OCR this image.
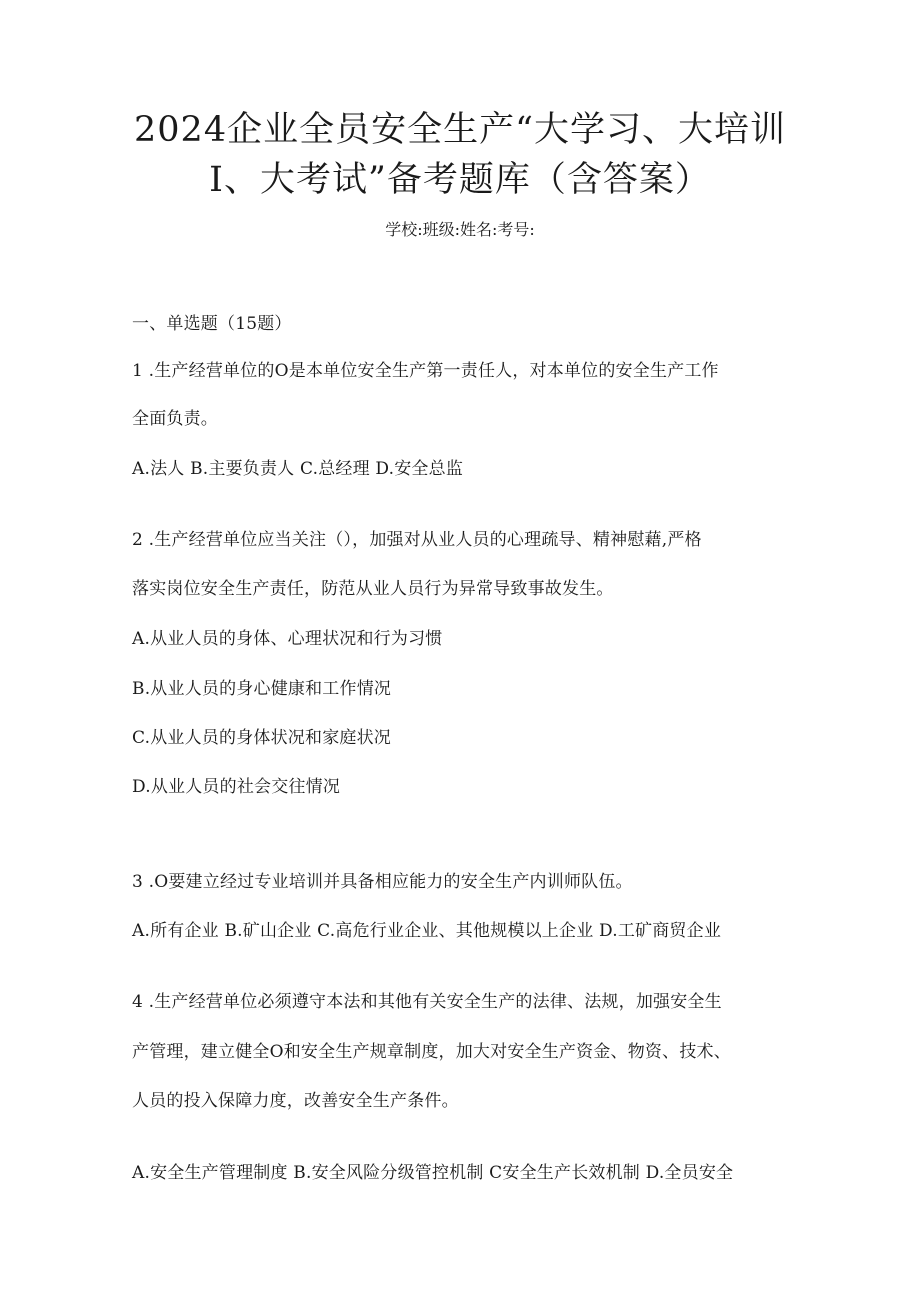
2024企业全员安全生产“大学习、大培训
I、大考试”备考题库（含答案）
学校:班级:姓名:考号:
一、单选题（15题）
1 .生产经营单位的O是本单位安全生产第一责任人，对本单位的安全生产工作
全面负责。
A.法人 B.主要负责人 C.总经理 D.安全总监
2 .生产经营单位应当关注（），加强对从业人员的心理疏导、精神慰藉,严格
落实岗位安全生产责任，防范从业人员行为异常导致事故发生。
A.从业人员的身体、心理状况和行为习惯
B.从业人员的身心健康和工作情况
C.从业人员的身体状况和家庭状况
D.从业人员的社会交往情况
3 .O要建立经过专业培训并具备相应能力的安全生产内训师队伍。
A.所有企业 B.矿山企业 C.高危行业企业、其他规模以上企业 D.工矿商贸企业
4 .生产经营单位必须遵守本法和其他有关安全生产的法律、法规，加强安全生
产管理，建立健全O和安全生产规章制度，加大对安全生产资金、物资、技术、
人员的投入保障力度，改善安全生产条件。
A.安全生产管理制度 B.安全风险分级管控机制 C安全生产长效机制 D.全员安全
